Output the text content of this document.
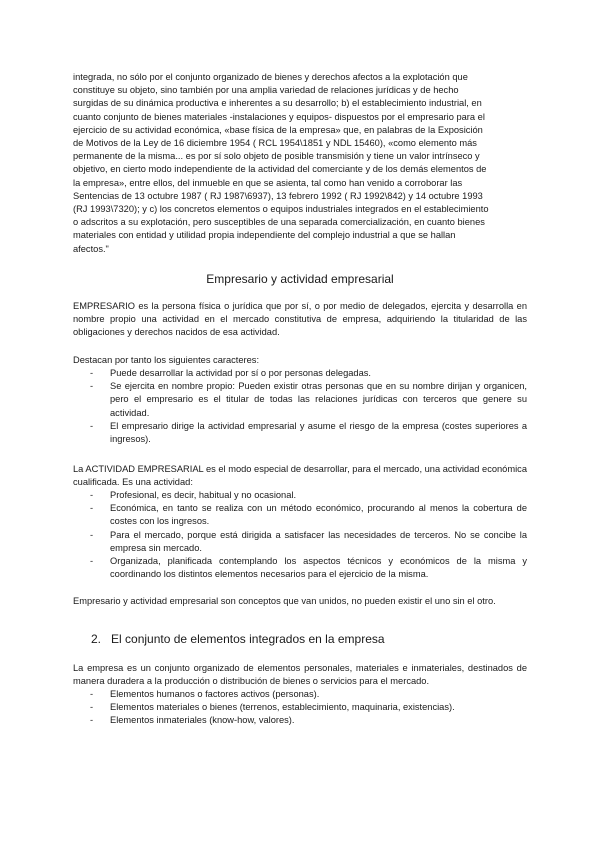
integrada, no sólo por el conjunto organizado de bienes y derechos afectos a la explotación que
constituye su objeto, sino también por una amplia variedad de relaciones jurídicas y de hecho
surgidas de su dinámica productiva e inherentes a su desarrollo; b) el establecimiento industrial, en
cuanto conjunto de bienes materiales -instalaciones y equipos- dispuestos por el empresario para el
ejercicio de su actividad económica, «base física de la empresa» que, en palabras de la Exposición
de Motivos de la Ley de 16 diciembre 1954 ( RCL 1954\1851 y NDL 15460), «como elemento más
permanente de la misma... es por sí solo objeto de posible transmisión y tiene un valor intrínseco y
objetivo, en cierto modo independiente de la actividad del comerciante y de los demás elementos de
la empresa», entre ellos, del inmueble en que se asienta, tal como han venido a corroborar las
Sentencias de 13 octubre 1987 ( RJ 1987\6937), 13 febrero 1992 ( RJ 1992\842) y 14 octubre 1993
(RJ 1993\7320); y c) los concretos elementos o equipos industriales integrados en el establecimiento
o adscritos a su explotación, pero susceptibles de una separada comercialización, en cuanto bienes
materiales con entidad y utilidad propia independiente del complejo industrial a que se hallan
afectos."

Empresario y actividad empresarial

EMPRESARIO es la persona física o jurídica que por sí, o por medio de delegados, ejercita y desarrolla en nombre propio una actividad en el mercado constitutiva de empresa, adquiriendo la titularidad de las obligaciones y derechos nacidos de esa actividad.

Destacan por tanto los siguientes caracteres:

- Puede desarrollar la actividad por sí o por personas delegadas.
- Se ejercita en nombre propio: Pueden existir otras personas que en su nombre dirijan y organicen, pero el empresario es el titular de todas las relaciones jurídicas con terceros que genere su actividad.
- El empresario dirige la actividad empresarial y asume el riesgo de la empresa (costes superiores a ingresos).

La ACTIVIDAD EMPRESARIAL es el modo especial de desarrollar, para el mercado, una actividad económica cualificada. Es una actividad:

- Profesional, es decir, habitual y no ocasional.
- Económica, en tanto se realiza con un método económico, procurando al menos la cobertura de costes con los ingresos.
- Para el mercado, porque está dirigida a satisfacer las necesidades de terceros. No se concibe la empresa sin mercado.
- Organizada, planificada contemplando los aspectos técnicos y económicos de la misma y coordinando los distintos elementos necesarios para el ejercicio de la misma.

Empresario y actividad empresarial son conceptos que van unidos, no pueden existir el uno sin el otro.

2. El conjunto de elementos integrados en la empresa

La empresa es un conjunto organizado de elementos personales, materiales e inmateriales, destinados de manera duradera a la producción o distribución de bienes o servicios para el mercado.

- Elementos humanos o factores activos (personas).
- Elementos materiales o bienes (terrenos, establecimiento, maquinaria, existencias).
- Elementos inmateriales (know-how, valores).
